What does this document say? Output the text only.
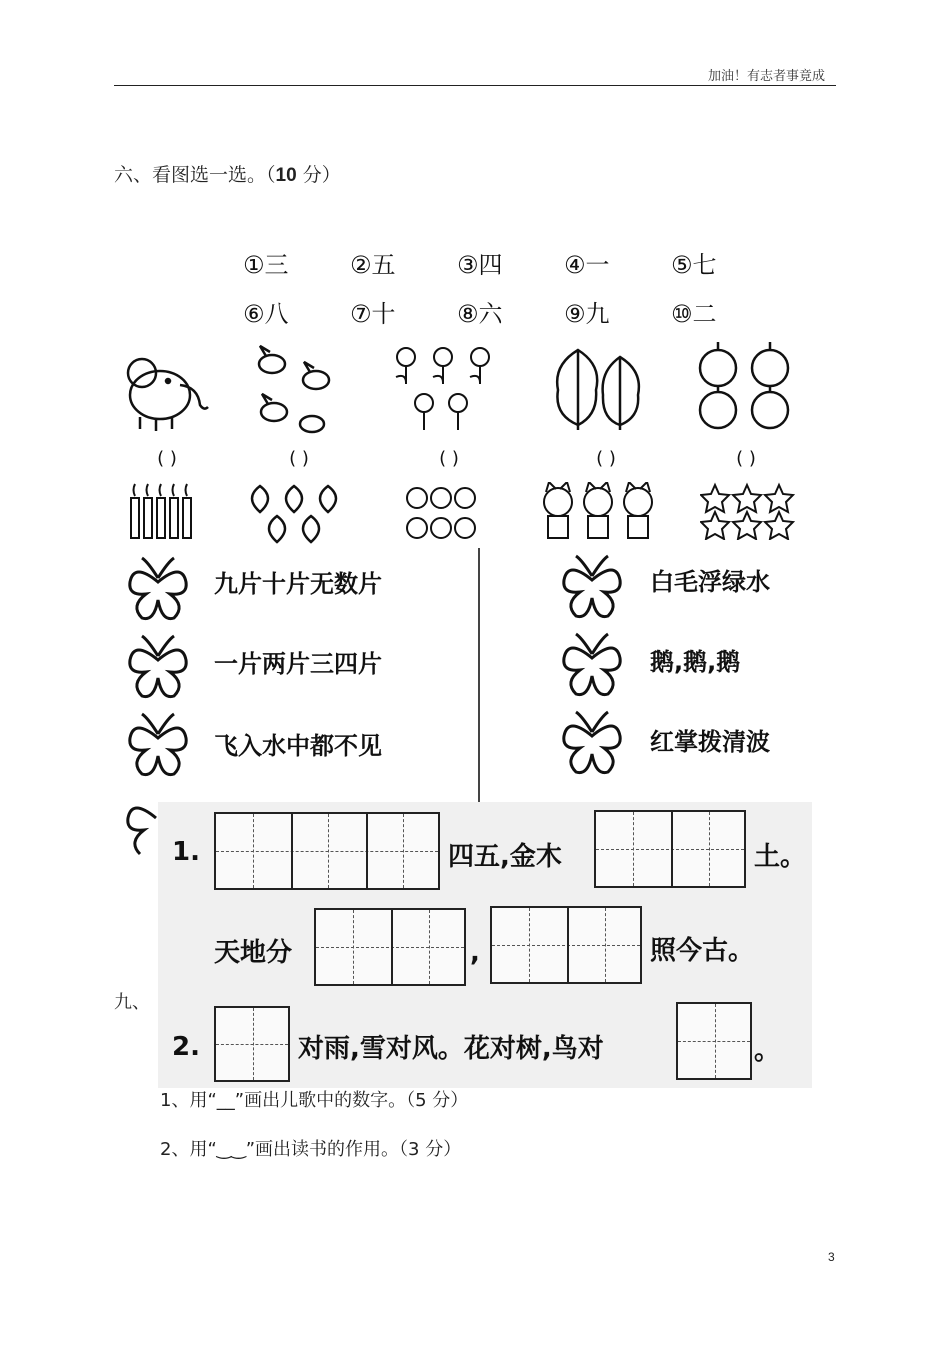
加油！有志者事竟成
六、看图选一选。（10 分）
①三	②五	③四	④一	⑤七
⑥八	⑦十	⑧六	⑨九	⑩二
( )	( )	( )	( )	( )
九片十片无数片
一片两片三四片
飞入水中都不见
白毛浮绿水
鹅,鹅,鹅
红掌拨清波
1.	四五,金木	土。
天地分	,	照今古。
2.	对雨,雪对风。花对树,鸟对	。
九、
1、用“__”画出儿歌中的数字。（5 分）
2、用“‿‿”画出读书的作用。（3 分）
3
